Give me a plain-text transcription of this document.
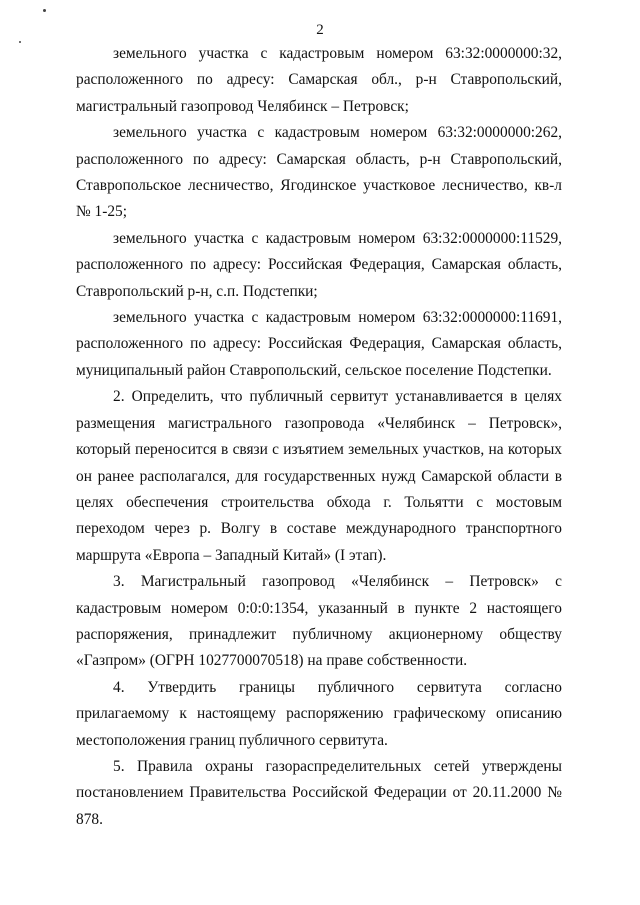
2

земельного участка с кадастровым номером 63:32:0000000:32, расположенного по адресу: Самарская обл., р-н Ставропольский, магистральный газопровод Челябинск – Петровск;

земельного участка с кадастровым номером 63:32:0000000:262, расположенного по адресу: Самарская область, р-н Ставропольский, Ставропольское лесничество, Ягодинское участковое лесничество, кв-л № 1-25;

земельного участка с кадастровым номером 63:32:0000000:11529, расположенного по адресу: Российская Федерация, Самарская область, Ставропольский р-н, с.п. Подстепки;

земельного участка с кадастровым номером 63:32:0000000:11691, расположенного по адресу: Российская Федерация, Самарская область, муниципальный район Ставропольский, сельское поселение Подстепки.

2. Определить, что публичный сервитут устанавливается в целях размещения магистрального газопровода «Челябинск – Петровск», который переносится в связи с изъятием земельных участков, на которых он ранее располагался, для государственных нужд Самарской области в целях обеспечения строительства обхода г. Тольятти с мостовым переходом через р. Волгу в составе международного транспортного маршрута «Европа – Западный Китай» (I этап).

3. Магистральный газопровод «Челябинск – Петровск» с кадастровым номером 0:0:0:1354, указанный в пункте 2 настоящего распоряжения, принадлежит публичному акционерному обществу «Газпром» (ОГРН 1027700070518) на праве собственности.

4. Утвердить границы публичного сервитута согласно прилагаемому к настоящему распоряжению графическому описанию местоположения границ публичного сервитута.

5. Правила охраны газораспределительных сетей утверждены постановлением Правительства Российской Федерации от 20.11.2000 № 878.
